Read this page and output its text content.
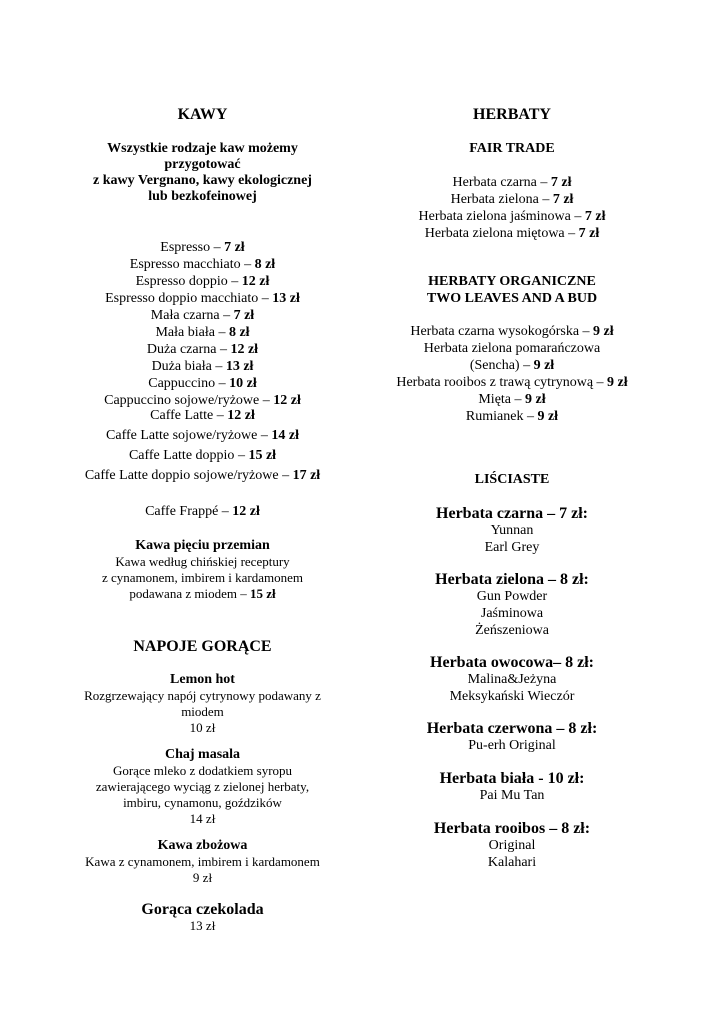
KAWY
Wszystkie rodzaje kaw możemy
przygotować
z kawy Vergnano, kawy ekologicznej
lub bezkofeinowej
Espresso – 7 zł
Espresso macchiato – 8 zł
Espresso doppio – 12 zł
Espresso doppio macchiato – 13 zł
Mała czarna – 7 zł
Mała biała – 8 zł
Duża czarna – 12 zł
Duża biała – 13 zł
Cappuccino – 10 zł
Cappuccino sojowe/ryżowe – 12 zł
Caffe Latte – 12 zł
Caffe Latte sojowe/ryżowe – 14 zł
Caffe Latte doppio – 15 zł
Caffe Latte doppio sojowe/ryżowe – 17 zł
Caffe Frappé – 12 zł
Kawa pięciu przemian
Kawa według chińskiej receptury
z cynamonem, imbirem i kardamonem
podawana z miodem – 15 zł
NAPOJE GORĄCE
Lemon hot
Rozgrzewający napój cytrynowy podawany z
miodem
10 zł
Chaj masala
Gorące mleko z dodatkiem syropu
zawierającego wyciąg z zielonej herbaty,
imbiru, cynamonu, goździków
14 zł
Kawa zbożowa
Kawa z cynamonem, imbirem i kardamonem
9 zł
Gorąca czekolada
13 zł
HERBATY
FAIR TRADE
Herbata czarna – 7 zł
Herbata zielona – 7 zł
Herbata zielona jaśminowa – 7 zł
Herbata zielona miętowa – 7 zł
HERBATY ORGANICZNE
TWO LEAVES AND A BUD
Herbata czarna wysokogórska – 9 zł
Herbata zielona pomarańczowa
(Sencha) – 9 zł
Herbata rooibos z trawą cytrynową – 9 zł
Mięta – 9 zł
Rumianek – 9 zł
LIŚCIASTE
Herbata czarna – 7 zł:
Yunnan
Earl Grey
Herbata zielona – 8 zł:
Gun Powder
Jaśminowa
Żeńszeniowa
Herbata owocowa– 8 zł:
Malina&Jeżyna
Meksykański Wieczór
Herbata czerwona – 8 zł:
Pu-erh Original
Herbata biała - 10 zł:
Pai Mu Tan
Herbata rooibos – 8 zł:
Original
Kalahari
